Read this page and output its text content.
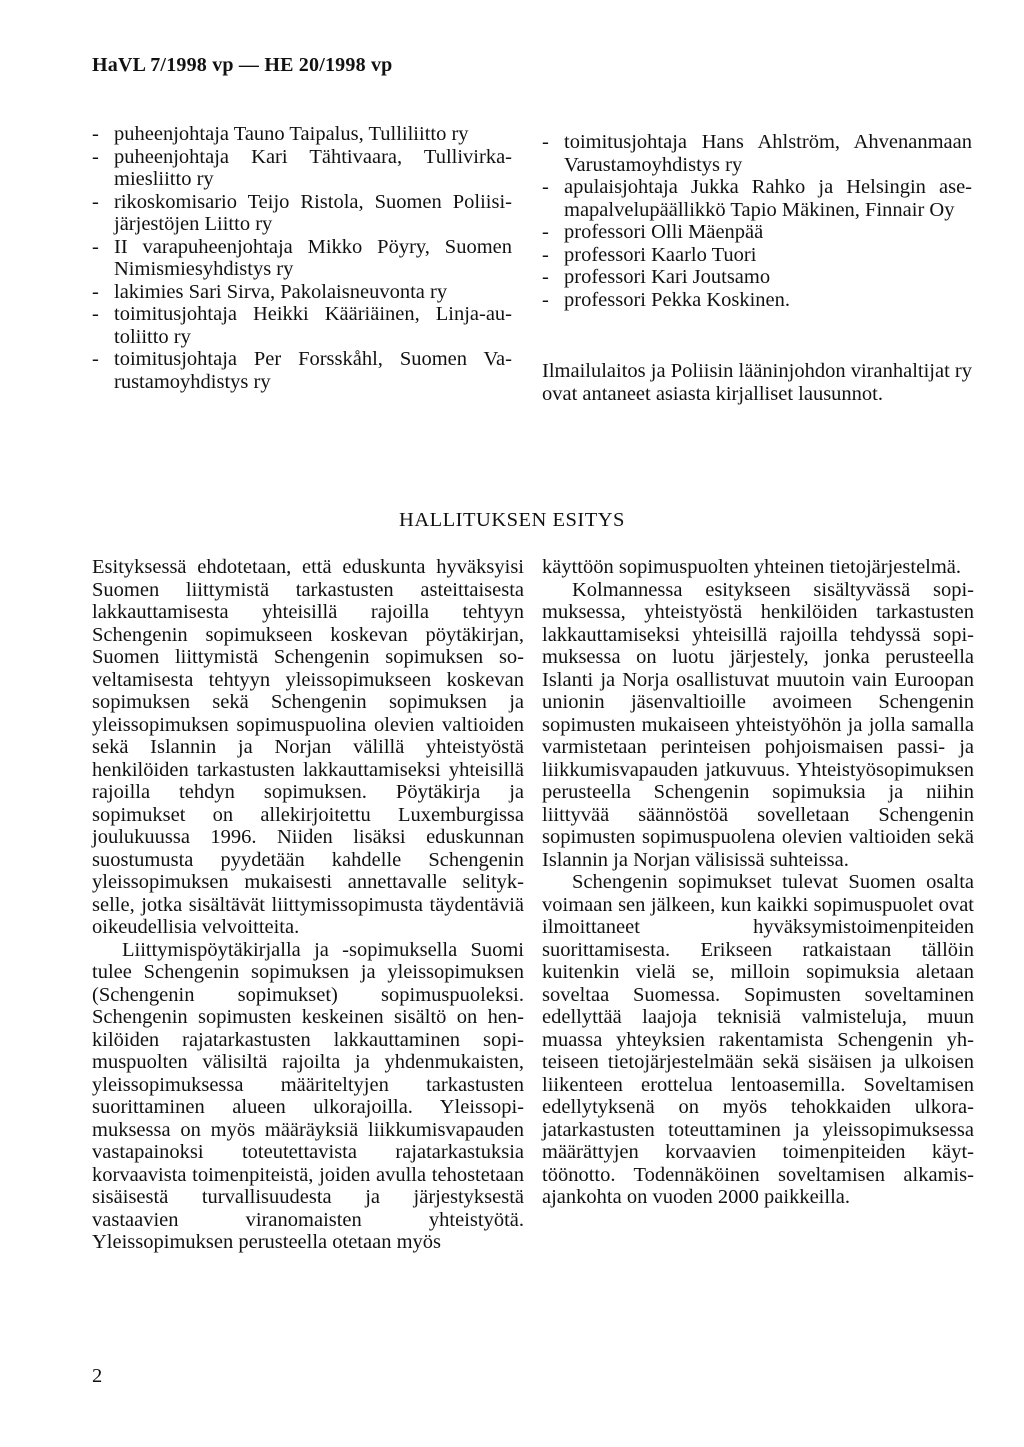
HaVL 7/1998 vp — HE 20/1998 vp
- puheenjohtaja Tauno Taipalus, Tulliliitto ry
- puheenjohtaja Kari Tähtivaara, Tullivirkamiesliitto ry
- rikoskomisario Teijo Ristola, Suomen Poliisijärjestöjen Liitto ry
- II varapuheenjohtaja Mikko Pöyry, Suomen Nimismiesyhdistys ry
- lakimies Sari Sirva, Pakolaisneuvonta ry
- toimitusjohtaja Heikki Kääriäinen, Linja-autoliitto ry
- toimitusjohtaja Per Forsskåhl, Suomen Varustamoyhdistys ry
- toimitusjohtaja Hans Ahlström, Ahvenanmaan Varustamoyhdistys ry
- apulaisjohtaja Jukka Rahko ja Helsingin asemapalvelupäällikkö Tapio Mäkinen, Finnair Oy
- professori Olli Mäenpää
- professori Kaarlo Tuori
- professori Kari Joutsamo
- professori Pekka Koskinen.

Ilmailulaitos ja Poliisin lääninjohdon viranhaltijat ry ovat antaneet asiasta kirjalliset lausunnot.

HALLITUKSEN ESITYS

Esityksessä ehdotetaan, että eduskunta hyväksyisi Suomen liittymistä tarkastusten asteittaisesta lakkauttamisesta yhteisillä rajoilla tehtyyn Schengenin sopimukseen koskevan pöytäkirjan, Suomen liittymistä Schengenin sopimuksen soveltamisesta tehtyyn yleissopimukseen koskevan sopimuksen sekä Schengenin sopimuksen ja yleissopimuksen sopimuspuolina olevien valtioiden sekä Islannin ja Norjan välillä yhteistyöstä henkilöiden tarkastusten lakkauttamiseksi yhteisillä rajoilla tehdyn sopimuksen. Pöytäkirja ja sopimukset on allekirjoitettu Luxemburgissa joulukuussa 1996. Niiden lisäksi eduskunnan suostumusta pyydetään kahdelle Schengenin yleissopimuksen mukaisesti annettavalle selitykselle, jotka sisältävät liittymissopimusta täydentäviä oikeudellisia velvoitteita.

Liittymispöytäkirjalla ja -sopimuksella Suomi tulee Schengenin sopimuksen ja yleissopimuksen (Schengenin sopimukset) sopimuspuoleksi. Schengenin sopimusten keskeinen sisältö on henkilöiden rajatarkastusten lakkauttaminen sopimuspuolten välisiltä rajoilta ja yhdenmukaisten, yleissopimuksessa määriteltyjen tarkastusten suorittaminen alueen ulkorajoilla. Yleissopimuksessa on myös määräyksiä liikkumisvapauden vastapainoksi toteutettavista rajatarkastuksia korvaavista toimenpiteistä, joiden avulla tehostetaan sisäisestä turvallisuudesta ja järjestyksestä vastaavien viranomaisten yhteistyötä. Yleissopimuksen perusteella otetaan myös

käyttöön sopimuspuolten yhteinen tietojärjestelmä.

Kolmannessa esitykseen sisältyvässä sopimuksessa, yhteistyöstä henkilöiden tarkastusten lakkauttamiseksi yhteisillä rajoilla tehdyssä sopimuksessa on luotu järjestely, jonka perusteella Islanti ja Norja osallistuvat muutoin vain Euroopan unionin jäsenvaltioille avoimeen Schengenin sopimusten mukaiseen yhteistyöhön ja jolla samalla varmistetaan perinteisen pohjoismaisen passi- ja liikkumisvapauden jatkuvuus. Yhteistyösopimuksen perusteella Schengenin sopimuksia ja niihin liittyvää säännöstöä sovelletaan Schengenin sopimusten sopimuspuolena olevien valtioiden sekä Islannin ja Norjan välisissä suhteissa.

Schengenin sopimukset tulevat Suomen osalta voimaan sen jälkeen, kun kaikki sopimuspuolet ovat ilmoittaneet hyväksymistoimenpiteiden suorittamisesta. Erikseen ratkaistaan tällöin kuitenkin vielä se, milloin sopimuksia aletaan soveltaa Suomessa. Sopimusten soveltaminen edellyttää laajoja teknisiä valmisteluja, muun muassa yhteyksien rakentamista Schengenin yhteiseen tietojärjestelmään sekä sisäisen ja ulkoisen liikenteen erottelua lentoasemilla. Soveltamisen edellytyksenä on myös tehokkaiden ulkorajatarkastusten toteuttaminen ja yleissopimuksessa määrättyjen korvaavien toimenpiteiden käyttöönotto. Todennäköinen soveltamisen alkamisajankohta on vuoden 2000 paikkeilla.

2
